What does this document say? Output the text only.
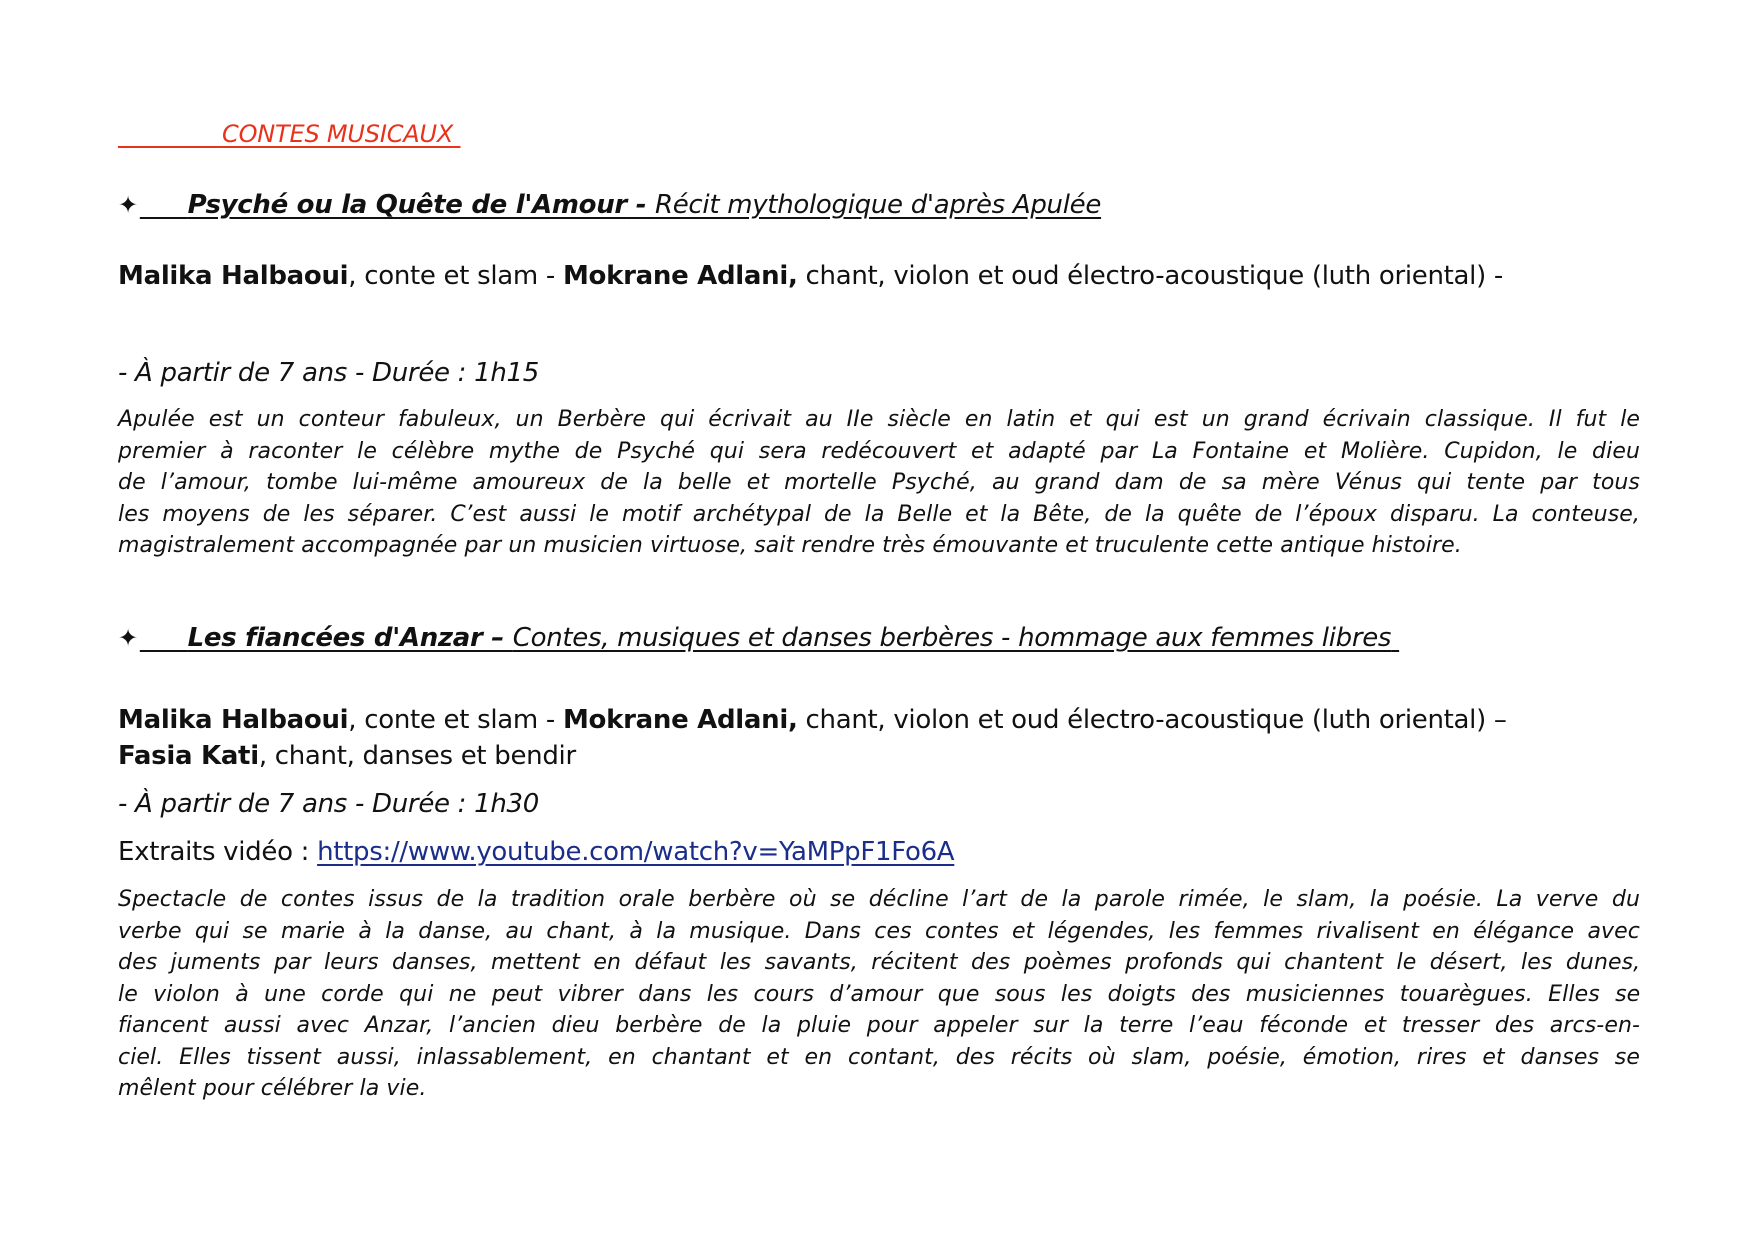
CONTES MUSICAUX
✦ Psyché ou la Quête de l'Amour - Récit mythologique d'après Apulée
Malika Halbaoui, conte et slam - Mokrane Adlani, chant, violon et oud électro-acoustique (luth oriental) -
- À partir de 7 ans - Durée : 1h15
Apulée est un conteur fabuleux, un Berbère qui écrivait au IIe siècle en latin et qui est un grand écrivain classique. Il fut le
premier à raconter le célèbre mythe de Psyché qui sera redécouvert et adapté par La Fontaine et Molière. Cupidon, le dieu
de l’amour, tombe lui-même amoureux de la belle et mortelle Psyché, au grand dam de sa mère Vénus qui tente par tous
les moyens de les séparer. C’est aussi le motif archétypal de la Belle et la Bête, de la quête de l’époux disparu. La conteuse,
magistralement accompagnée par un musicien virtuose, sait rendre très émouvante et truculente cette antique histoire.
✦ Les fiancées d'Anzar – Contes, musiques et danses berbères - hommage aux femmes libres
Malika Halbaoui, conte et slam - Mokrane Adlani, chant, violon et oud électro-acoustique (luth oriental) –
Fasia Kati, chant, danses et bendir
- À partir de 7 ans - Durée : 1h30
Extraits vidéo : https://www.youtube.com/watch?v=YaMPpF1Fo6A
Spectacle de contes issus de la tradition orale berbère où se décline l’art de la parole rimée, le slam, la poésie. La verve du
verbe qui se marie à la danse, au chant, à la musique. Dans ces contes et légendes, les femmes rivalisent en élégance avec
des juments par leurs danses, mettent en défaut les savants, récitent des poèmes profonds qui chantent le désert, les dunes,
le violon à une corde qui ne peut vibrer dans les cours d’amour que sous les doigts des musiciennes touarègues. Elles se
fiancent aussi avec Anzar, l’ancien dieu berbère de la pluie pour appeler sur la terre l’eau féconde et tresser des arcs-en-
ciel. Elles tissent aussi, inlassablement, en chantant et en contant, des récits où slam, poésie, émotion, rires et danses se
mêlent pour célébrer la vie.
